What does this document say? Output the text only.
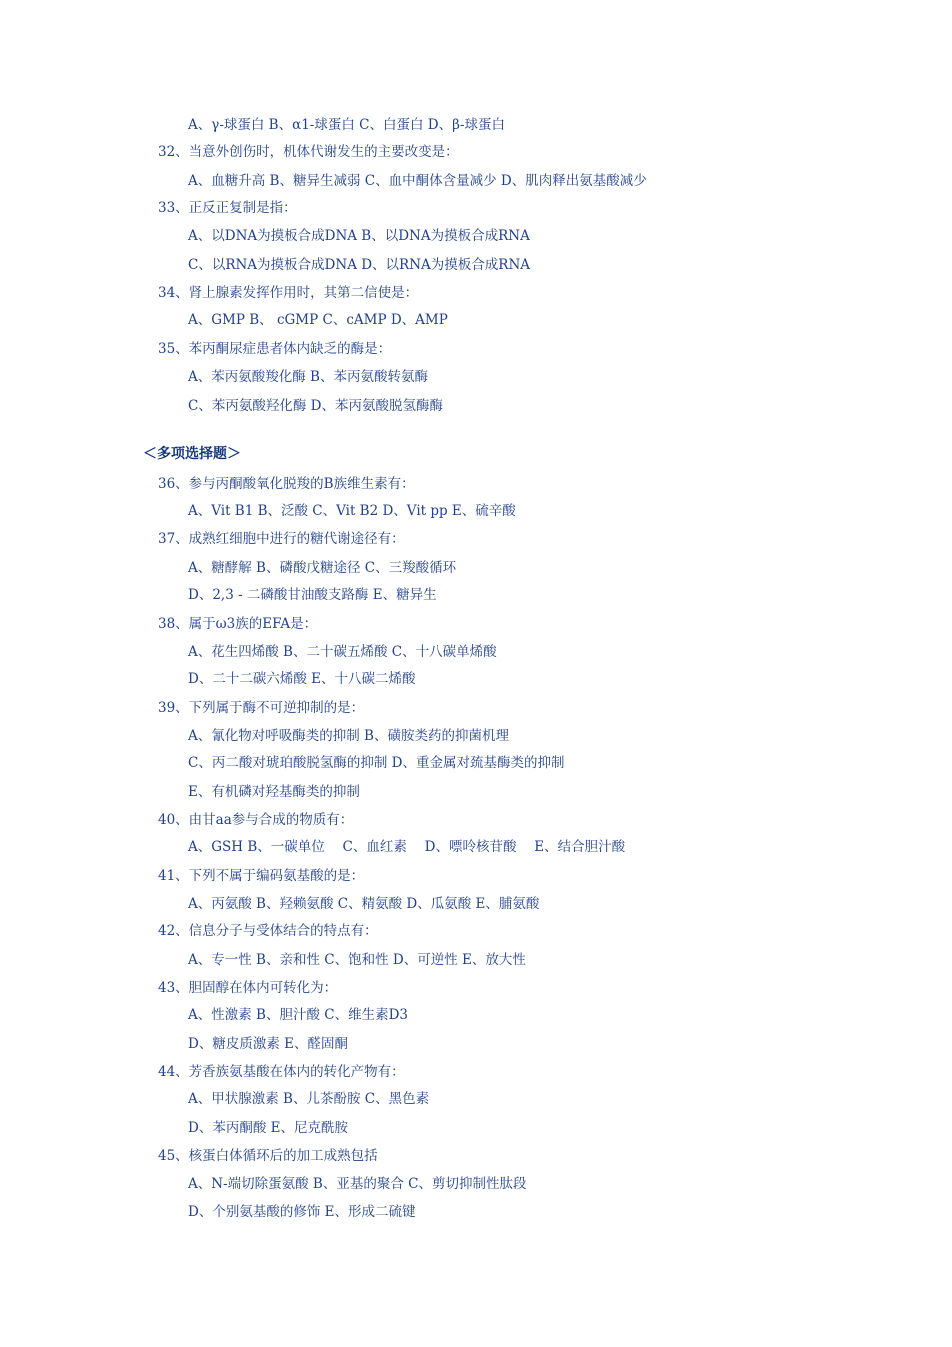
A、γ-球蛋白 B、α1-球蛋白 C、白蛋白 D、β-球蛋白
32、当意外创伤时，机体代谢发生的主要改变是：
A、血糖升高 B、糖异生减弱 C、血中酮体含量减少 D、肌肉释出氨基酸减少
33、正反正复制是指：
A、以DNA为摸板合成DNA B、以DNA为摸板合成RNA
C、以RNA为摸板合成DNA D、以RNA为摸板合成RNA
34、肾上腺素发挥作用时，其第二信使是：
A、GMP B、 cGMP C、cAMP D、AMP
35、苯丙酮尿症患者体内缺乏的酶是：
A、苯丙氨酸羧化酶 B、苯丙氨酸转氨酶
C、苯丙氨酸羟化酶 D、苯丙氨酸脱氢酶酶
＜多项选择题＞
36、参与丙酮酸氧化脱羧的B族维生素有：
A、Vit B1 B、泛酸 C、Vit B2 D、Vit pp E、硫辛酸
37、成熟红细胞中进行的糖代谢途径有：
A、糖酵解 B、磷酸戊糖途径 C、三羧酸循环
D、2,3 - 二磷酸甘油酸支路酶 E、糖异生
38、属于ω3族的EFA是：
A、花生四烯酸 B、二十碳五烯酸 C、十八碳单烯酸
D、二十二碳六烯酸 E、十八碳二烯酸
39、下列属于酶不可逆抑制的是：
A、氰化物对呼吸酶类的抑制 B、磺胺类药的抑菌机理
C、丙二酸对琥珀酸脱氢酶的抑制 D、重金属对巯基酶类的抑制
E、有机磷对羟基酶类的抑制
40、由甘aa参与合成的物质有：
A、GSH B、一碳单位　 C、血红素　 D、嘌呤核苷酸　 E、结合胆汁酸
41、下列不属于编码氨基酸的是：
A、丙氨酸 B、羟赖氨酸 C、精氨酸 D、瓜氨酸 E、脯氨酸
42、信息分子与受体结合的特点有：
A、专一性 B、亲和性 C、饱和性 D、可逆性 E、放大性
43、胆固醇在体内可转化为：
A、性激素 B、胆汁酸 C、维生素D3
D、糖皮质激素 E、醛固酮
44、芳香族氨基酸在体内的转化产物有：
A、甲状腺激素 B、儿茶酚胺 C、黑色素
D、苯丙酮酸 E、尼克酰胺
45、核蛋白体循环后的加工成熟包括
A、N-端切除蛋氨酸 B、亚基的聚合 C、剪切抑制性肽段
D、个别氨基酸的修饰 E、形成二硫键
